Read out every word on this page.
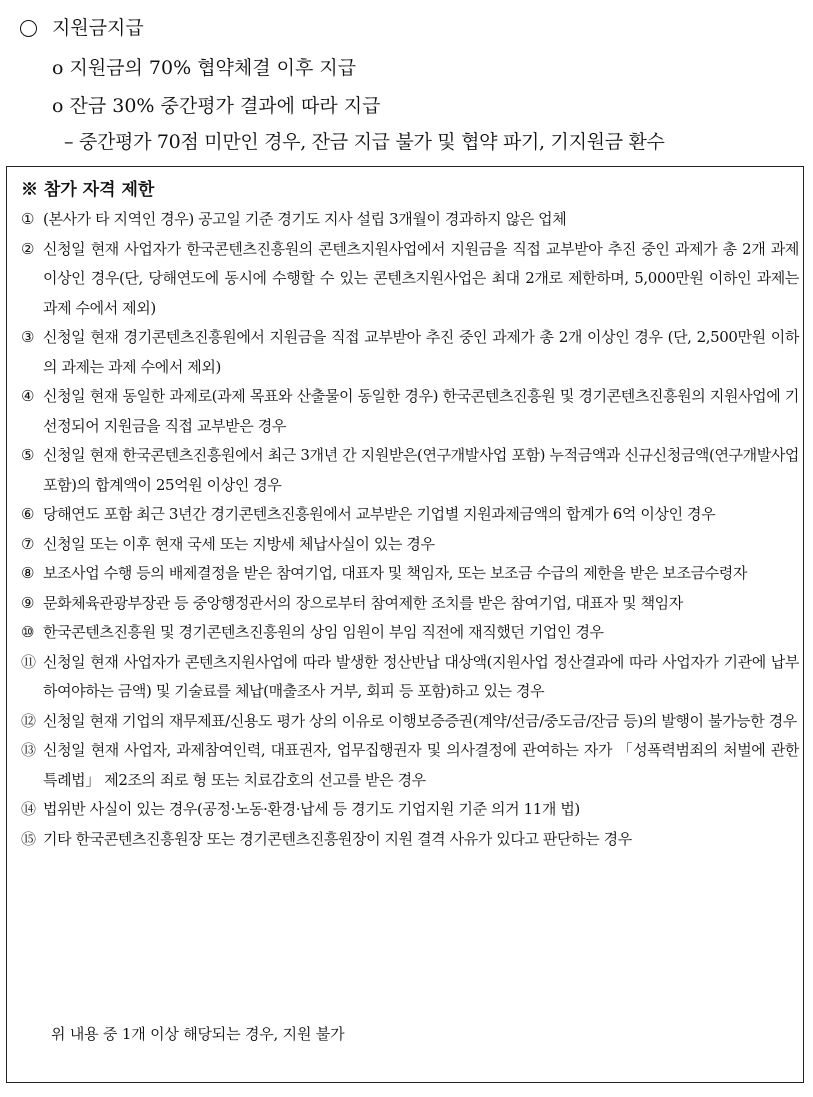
지원금지급
o 지원금의 70% 협약체결 이후 지급
o 잔금 30% 중간평가 결과에 따라 지급
– 중간평가 70점 미만인 경우, 잔금 지급 불가 및 협약 파기, 기지원금 환수
※ 참가 자격 제한
① (본사가 타 지역인 경우) 공고일 기준 경기도 지사 설립 3개월이 경과하지 않은 업체
② 신청일 현재 사업자가 한국콘텐츠진흥원의 콘텐츠지원사업에서 지원금을 직접 교부받아 추진 중인 과제가 총 2개 과제 이상인 경우(단, 당해연도에 동시에 수행할 수 있는 콘텐츠지원사업은 최대 2개로 제한하며, 5,000만원 이하인 과제는 과제 수에서 제외)
③ 신청일 현재 경기콘텐츠진흥원에서 지원금을 직접 교부받아 추진 중인 과제가 총 2개 이상인 경우 (단, 2,500만원 이하의 과제는 과제 수에서 제외)
④ 신청일 현재 동일한 과제로(과제 목표와 산출물이 동일한 경우) 한국콘텐츠진흥원 및 경기콘텐츠진흥원의 지원사업에 기 선정되어 지원금을 직접 교부받은 경우
⑤ 신청일 현재 한국콘텐츠진흥원에서 최근 3개년 간 지원받은(연구개발사업 포함) 누적금액과 신규신청금액(연구개발사업 포함)의 합계액이 25억원 이상인 경우
⑥ 당해연도 포함 최근 3년간 경기콘텐츠진흥원에서 교부받은 기업별 지원과제금액의 합계가 6억 이상인 경우
⑦ 신청일 또는 이후 현재 국세 또는 지방세 체납사실이 있는 경우
⑧ 보조사업 수행 등의 배제결정을 받은 참여기업, 대표자 및 책임자, 또는 보조금 수급의 제한을 받은 보조금수령자
⑨ 문화체육관광부장관 등 중앙행정관서의 장으로부터 참여제한 조치를 받은 참여기업, 대표자 및 책임자
⑩ 한국콘텐츠진흥원 및 경기콘텐츠진흥원의 상임 임원이 부임 직전에 재직했던 기업인 경우
⑪ 신청일 현재 사업자가 콘텐츠지원사업에 따라 발생한 정산반납 대상액(지원사업 정산결과에 따라 사업자가 기관에 납부하여야하는 금액) 및 기술료를 체납(매출조사 거부, 회피 등 포함)하고 있는 경우
⑫ 신청일 현재 기업의 재무제표/신용도 평가 상의 이유로 이행보증증권(계약/선금/중도금/잔금 등)의 발행이 불가능한 경우
⑬ 신청일 현재 사업자, 과제참여인력, 대표권자, 업무집행권자 및 의사결정에 관여하는 자가 「성폭력범죄의 처벌에 관한 특례법」 제2조의 죄로 형 또는 치료감호의 선고를 받은 경우
⑭ 법위반 사실이 있는 경우(공정·노동·환경·납세 등 경기도 기업지원 기준 의거 11개 법)
⑮ 기타 한국콘텐츠진흥원장 또는 경기콘텐츠진흥원장이 지원 결격 사유가 있다고 판단하는 경우
위 내용 중 1개 이상 해당되는 경우, 지원 불가
